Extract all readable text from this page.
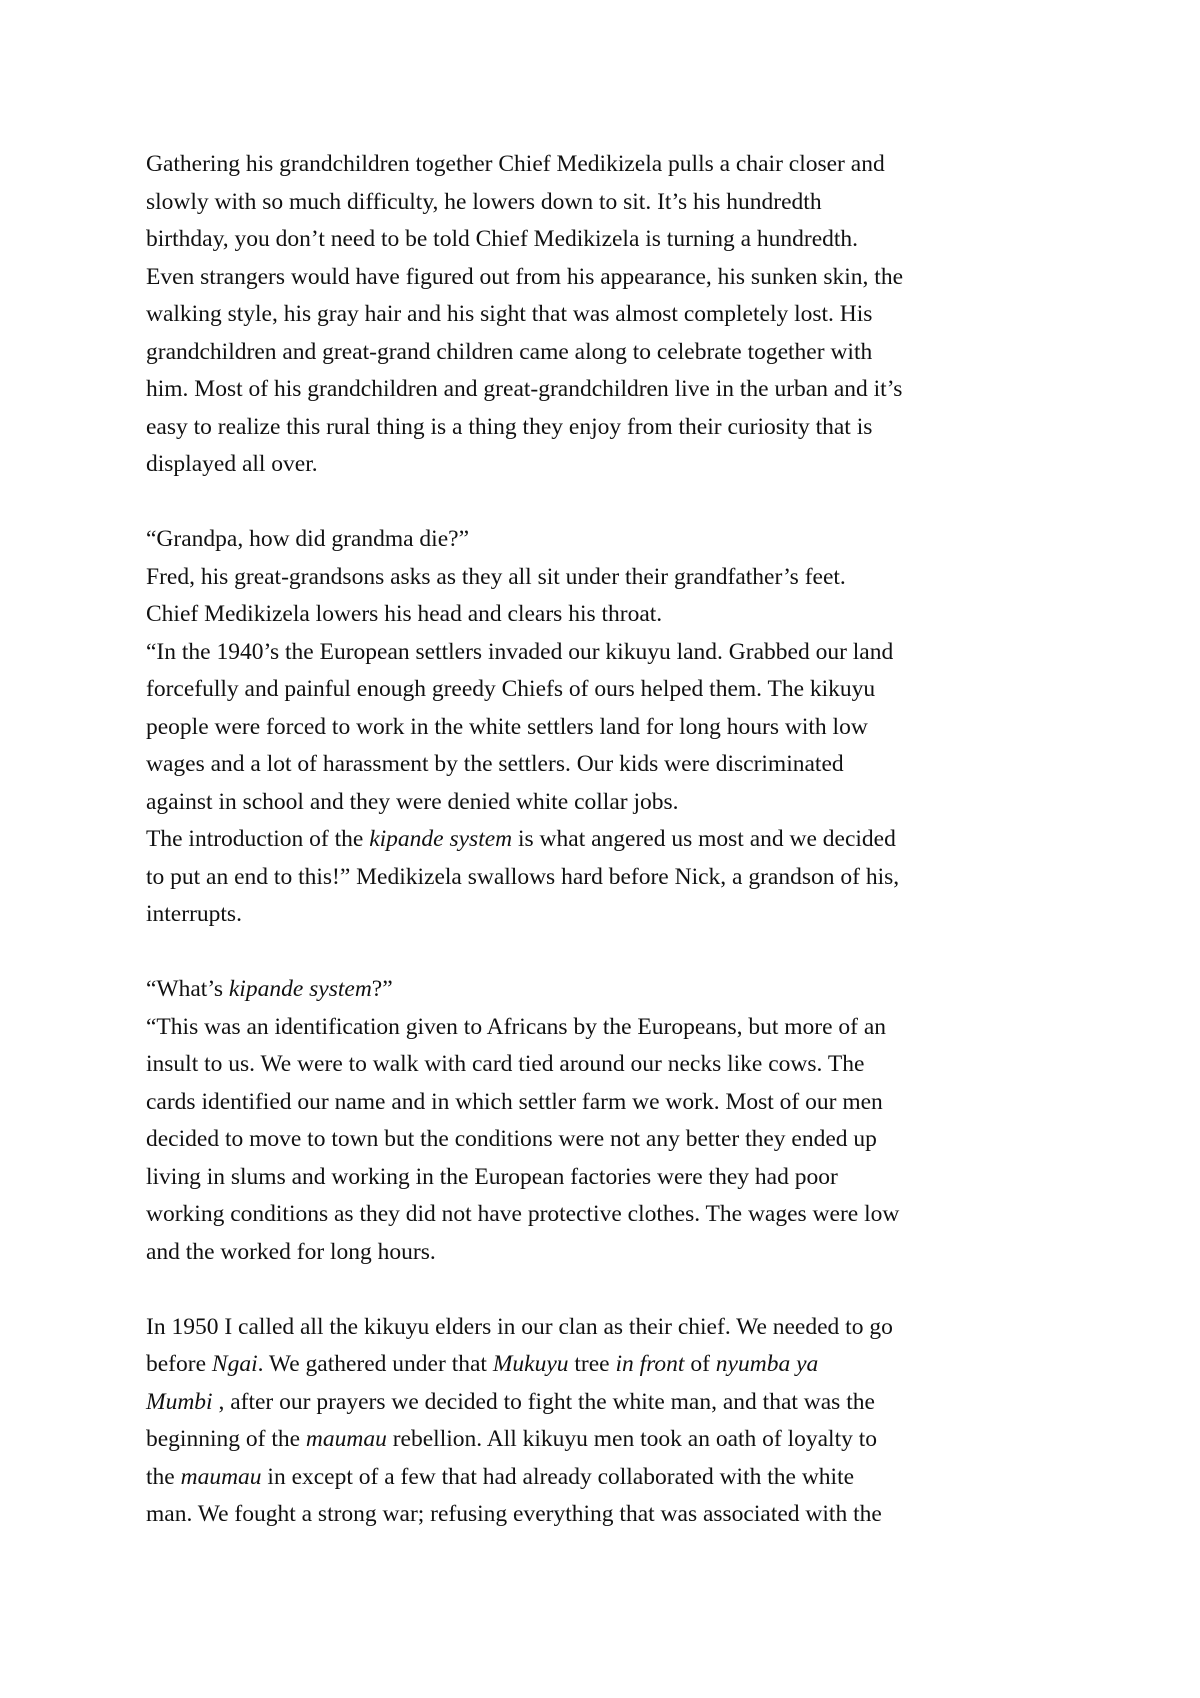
Gathering his grandchildren together Chief Medikizela pulls a chair closer and
slowly with so much difficulty, he lowers down to sit. It’s his hundredth
birthday, you don’t need to be told Chief Medikizela is turning a hundredth.
Even strangers would have figured out from his appearance, his sunken skin, the
walking style, his gray hair and his sight that was almost completely lost. His
grandchildren and great-grand children came along to celebrate together with
him. Most of his grandchildren and great-grandchildren live in the urban and it’s
easy to realize this rural thing is a thing they enjoy from their curiosity that is
displayed all over.
“Grandpa, how did grandma die?”
Fred, his great-grandsons asks as they all sit under their grandfather’s feet.
Chief Medikizela lowers his head and clears his throat.
“In the 1940’s the European settlers invaded our kikuyu land. Grabbed our land
forcefully and painful enough greedy Chiefs of ours helped them. The kikuyu
people were forced to work in the white settlers land for long hours with low
wages and a lot of harassment by the settlers. Our kids were discriminated
against in school and they were denied white collar jobs.
The introduction of the kipande system is what angered us most and we decided
to put an end to this!” Medikizela swallows hard before Nick, a grandson of his,
interrupts.
“What’s kipande system?”
“This was an identification given to Africans by the Europeans, but more of an
insult to us. We were to walk with card tied around our necks like cows. The
cards identified our name and in which settler farm we work. Most of our men
decided to move to town but the conditions were not any better they ended up
living in slums and working in the European factories were they had poor
working conditions as they did not have protective clothes. The wages were low
and the worked for long hours.
In 1950 I called all the kikuyu elders in our clan as their chief. We needed to go
before Ngai. We gathered under that Mukuyu tree in front of nyumba ya
Mumbi , after our prayers we decided to fight the white man, and that was the
beginning of the maumau rebellion. All kikuyu men took an oath of loyalty to
the maumau in except of a few that had already collaborated with the white
man. We fought a strong war; refusing everything that was associated with the
